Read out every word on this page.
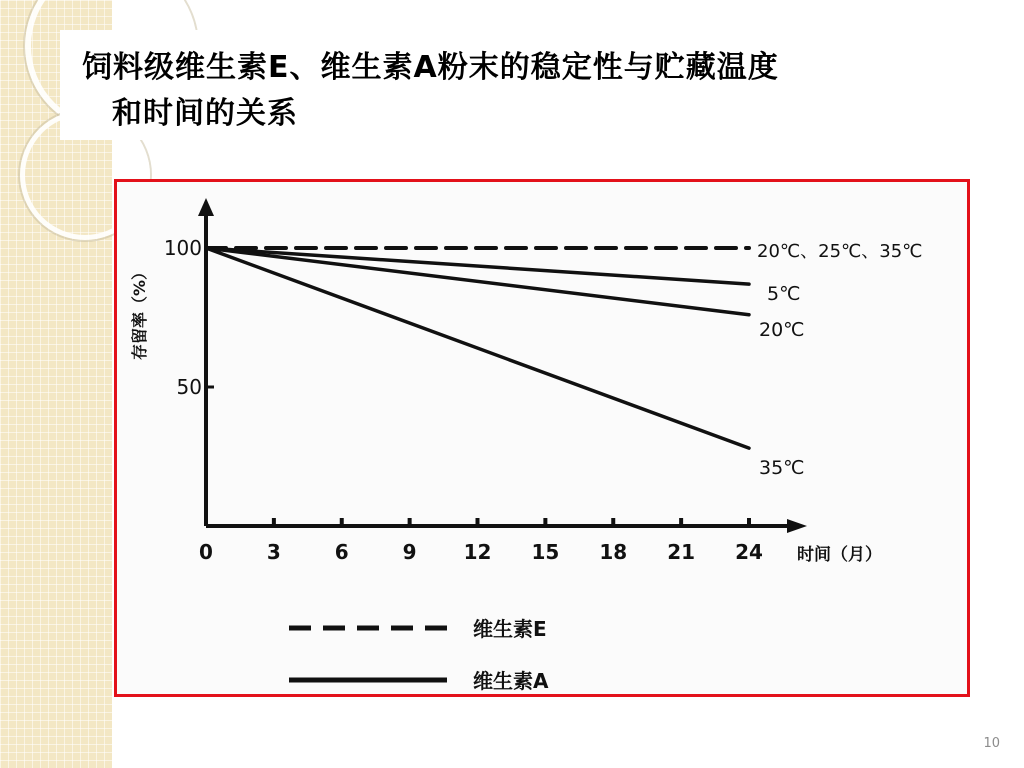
饲料级维生素E、维生素A粉末的稳定性与贮藏温度
和时间的关系
0	3	6	9 12 15 18 21 24
50
100
存留率（%）
时间（月）
20℃、25℃、35℃
5℃
20℃
35℃
维生素E
维生素A
10
